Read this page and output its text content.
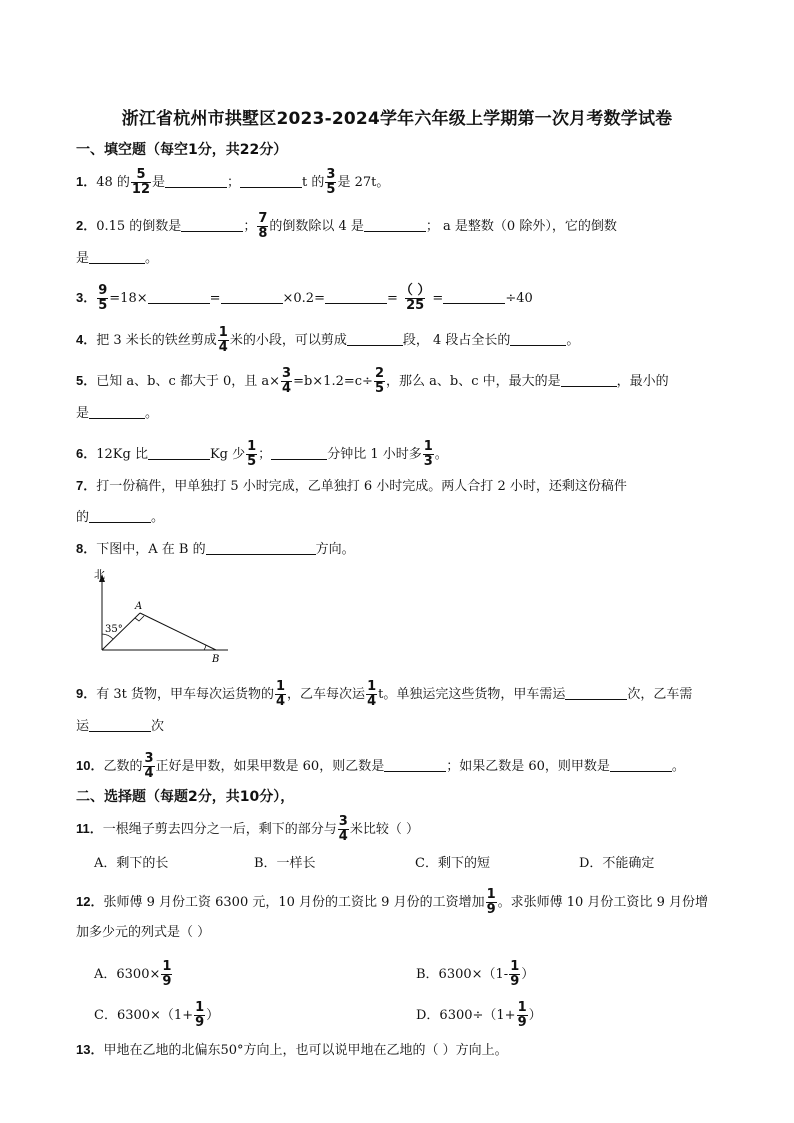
浙江省杭州市拱墅区2023-2024学年六年级上学期第一次月考数学试卷
一、填空题（每空1分，共22分）
1．48 的 $\frac{5}{12}$ 是	；	t 的 $\frac{3}{5}$ 是 27t。
2．0.15 的倒数是	； $\frac{7}{8}$ 的倒数除以 4 是	； a 是整数（0 除外），它的倒数
是	。
3． $\frac{9}{5} =18\times$	=	×0.2=	= $\frac{( )}{25}$ =	÷40
4．把 3 米长的铁丝剪成 $\frac{1}{4}$ 米的小段，可以剪成	段， 4 段占全长的	。
5．已知 a、b、c 都大于 0，且 $a\times \frac{3}{4} =b\times 1.2=c\div \frac{2}{5}$ ，那么 a、b、c 中，最大的是	，最小的
是	。
6．12Kg 比	Kg 少 $\frac{1}{5}$ ；	分钟比 1 小时多 $\frac{1}{3}$ 。
7．打一份稿件，甲单独打 5 小时完成，乙单独打 6 小时完成。两人合打 2 小时，还剩这份稿件
的	。
8．下图中，A 在 B 的	方向。
北
35°
A
B
9．有 3t 货物，甲车每次运货物的 $\frac{1}{4}$ ，乙车每次运 $\frac{1}{4}$ t。单独运完这些货物，甲车需运	次，乙车需
运	次
10．乙数的 $\frac{3}{4}$ 正好是甲数，如果甲数是 60，则乙数是	；如果乙数是 60，则甲数是	。
二、选择题（每题2分，共10分），
11．一根绳子剪去四分之一后，剩下的部分与 $\frac{3}{4}$ 米比较（ ）
A．剩下的长	B．一样长	C．剩下的短	D．不能确定
12．张师傅 9 月份工资 6300 元，10 月份的工资比 9 月份的工资增加 $\frac{1}{9}$ 。求张师傅 10 月份工资比 9 月份增
加多少元的列式是（ ）
A．$6300\times \frac{1}{9}$	B．$6300\times(1- \frac{1}{9}$ ）
C．$6300\times(1+ \frac{1}{9}$ ）	D．$6300\div(1+ \frac{1}{9}$ ）
13．甲地在乙地的北偏东50°方向上，也可以说甲地在乙地的（ ）方向上。
